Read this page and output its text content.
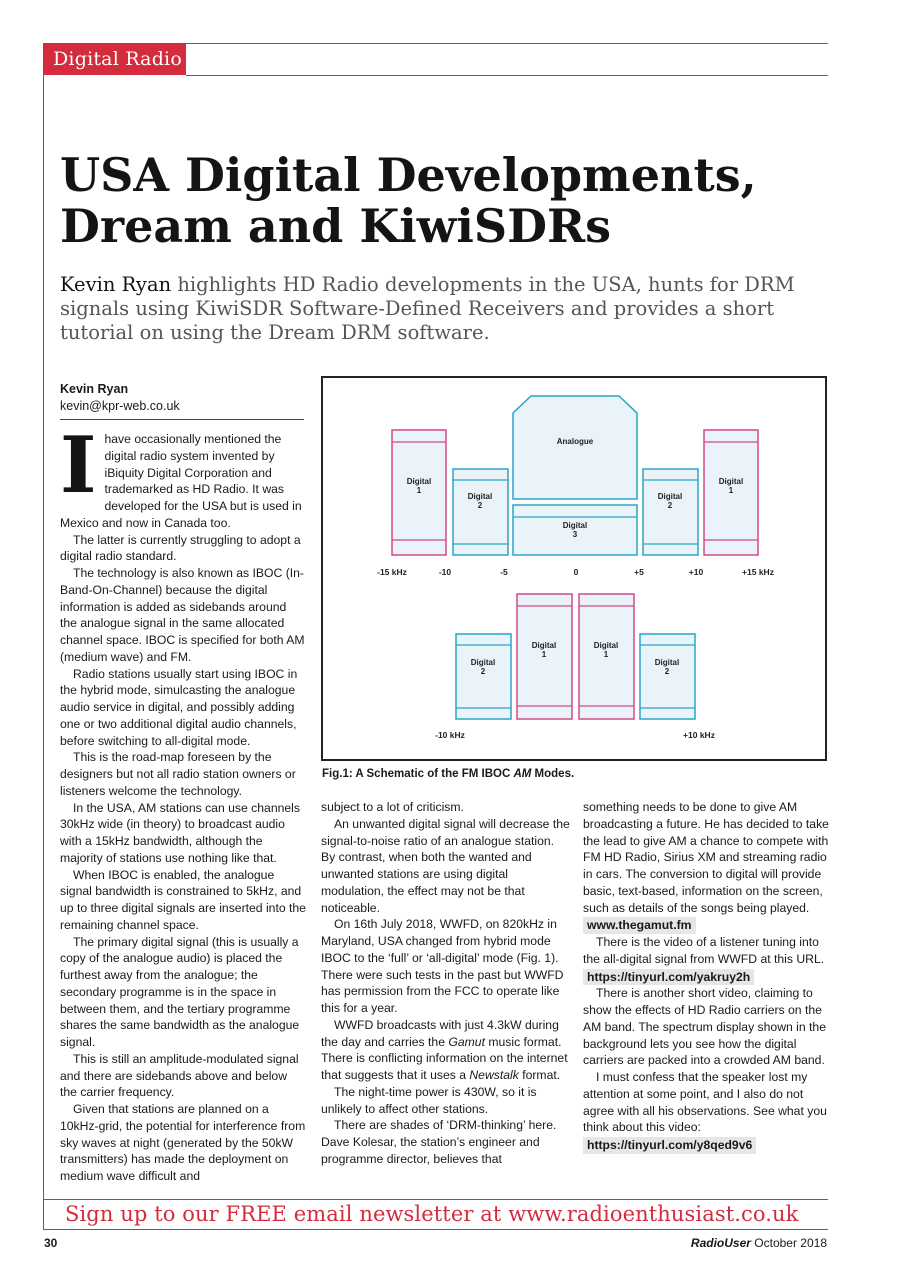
Digital Radio
USA Digital Developments,
Dream and KiwiSDRs

Kevin Ryan highlights HD Radio developments in the USA, hunts for DRM signals using KiwiSDR Software-Defined Receivers and provides a short tutorial on using the Dream DRM software.

Kevin Ryan
kevin@kpr-web.co.uk

Ihave occasionally mentioned the digital radio system invented by iBiquity Digital Corporation and trademarked as HD Radio. It was developed for the USA but is used in Mexico and now in Canada too.

The latter is currently struggling to adopt a digital radio standard.

The technology is also known as IBOC (In-Band-On-Channel) because the digital information is added as sidebands around the analogue signal in the same allocated channel space. IBOC is specified for both AM (medium wave) and FM.

Radio stations usually start using IBOC in the hybrid mode, simulcasting the analogue audio service in digital, and possibly adding one or two additional digital audio channels, before switching to all-digital mode.

This is the road-map foreseen by the designers but not all radio station owners or listeners welcome the technology.

In the USA, AM stations can use channels 30kHz wide (in theory) to broadcast audio with a 15kHz bandwidth, although the majority of stations use nothing like that.

When IBOC is enabled, the analogue signal bandwidth is constrained to 5kHz, and up to three digital signals are inserted into the remaining channel space.

The primary digital signal (this is usually a copy of the analogue audio) is placed the furthest away from the analogue; the secondary programme is in the space in between them, and the tertiary programme shares the same bandwidth as the analogue signal.

This is still an amplitude-modulated signal and there are sidebands above and below the carrier frequency.

Given that stations are planned on a 10kHz-grid, the potential for interference from sky waves at night (generated by the 50kW transmitters) has made the deployment on medium wave difficult and

Digital
1
Digital
2
Analogue
Digital
3
Digital
2
Digital
1
-15 kHz	-10	-5	0	+5	+10	+15 kHz
Digital
2
Digital
1
Digital
1
Digital
2
-10 kHz	+10 kHz
Fig.1: A Schematic of the FM IBOC AM Modes.

subject to a lot of criticism.

An unwanted digital signal will decrease the signal-to-noise ratio of an analogue station. By contrast, when both the wanted and unwanted stations are using digital modulation, the effect may not be that noticeable.

On 16th July 2018, WWFD, on 820kHz in Maryland, USA changed from hybrid mode IBOC to the ‘full’ or ‘all-digital’ mode (Fig. 1). There were such tests in the past but WWFD has permission from the FCC to operate like this for a year.

WWFD broadcasts with just 4.3kW during the day and carries the Gamut music format. There is conflicting information on the internet that suggests that it uses a Newstalk format.

The night-time power is 430W, so it is unlikely to affect other stations.

There are shades of ‘DRM-thinking’ here. Dave Kolesar, the station’s engineer and programme director, believes that

something needs to be done to give AM broadcasting a future. He has decided to take the lead to give AM a chance to compete with FM HD Radio, Sirius XM and streaming radio in cars. The conversion to digital will provide basic, text-based, information on the screen, such as details of the songs being played.

www.thegamut.fm

There is the video of a listener tuning into the all-digital signal from WWFD at this URL.

https://tinyurl.com/yakruy2h

There is another short video, claiming to show the effects of HD Radio carriers on the AM band. The spectrum display shown in the background lets you see how the digital carriers are packed into a crowded AM band.

I must confess that the speaker lost my attention at some point, and I also do not agree with all his observations. See what you think about this video:

https://tinyurl.com/y8qed9v6

Sign up to our FREE email newsletter at www.radioenthusiast.co.uk
30	RadioUser October 2018
